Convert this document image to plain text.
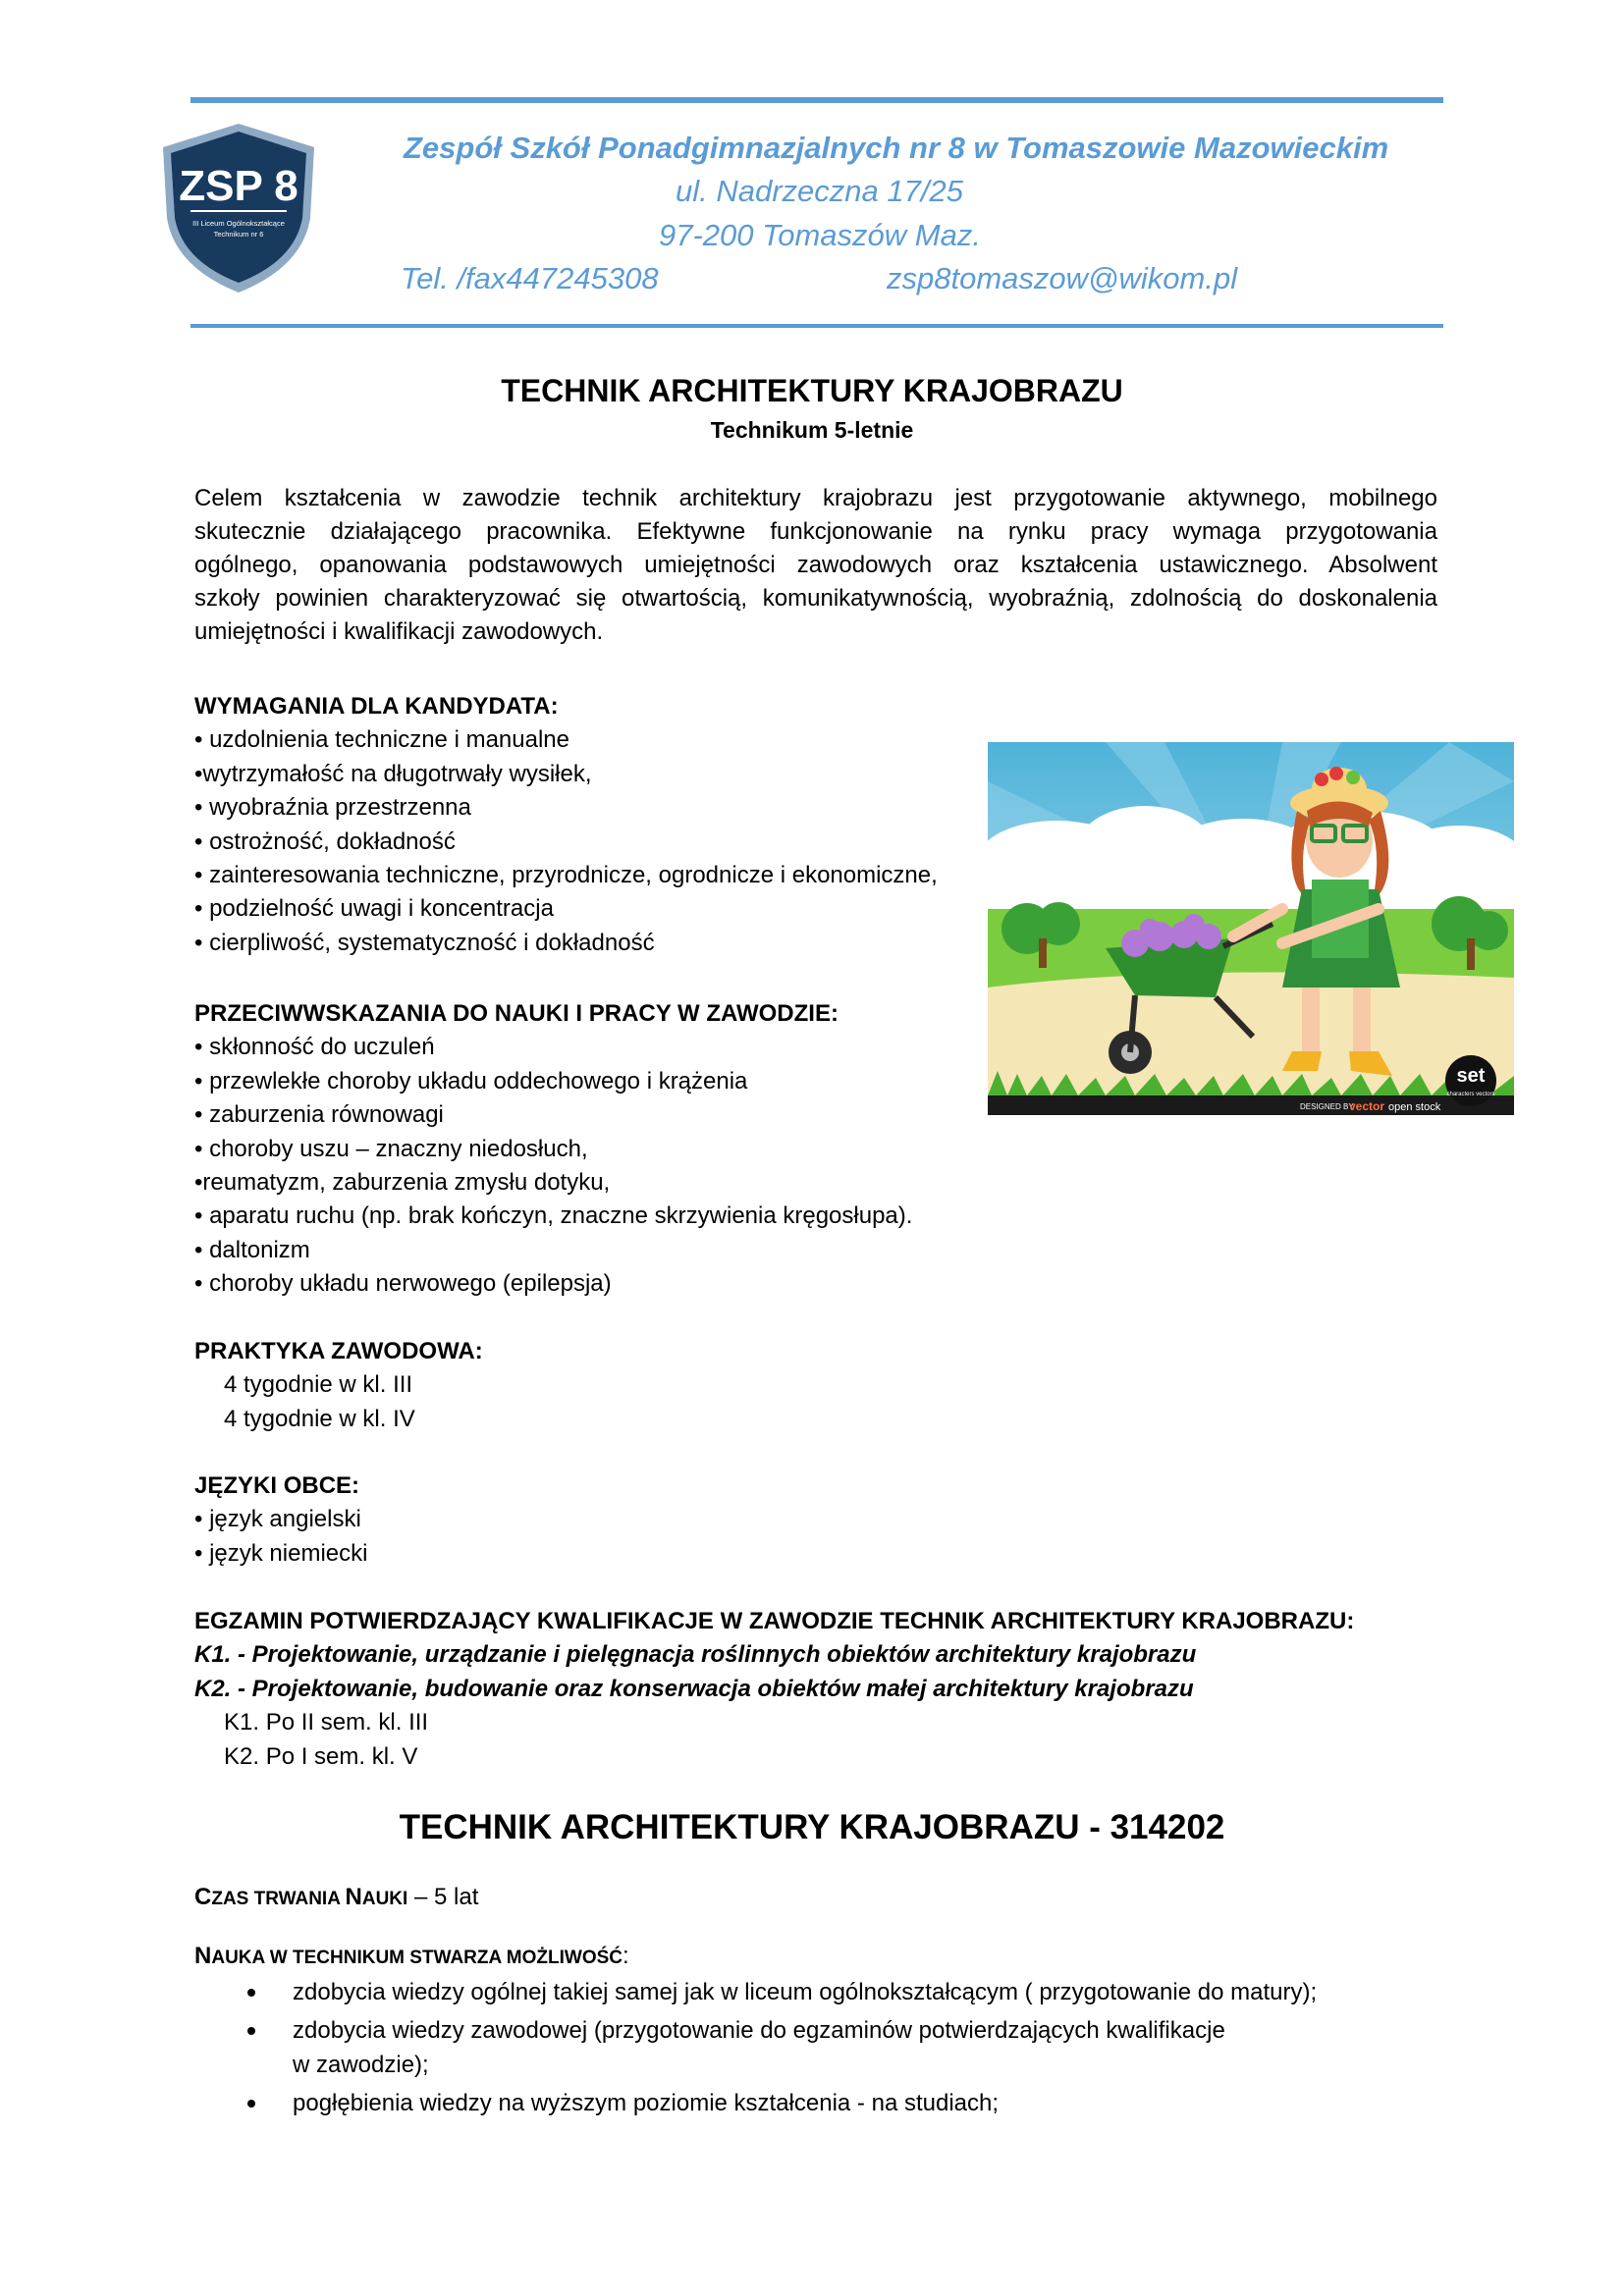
ZSP 8
III Liceum Ogólnokształcące
Technikum nr 6
Zespół Szkół Ponadgimnazjalnych nr 8 w Tomaszowie Mazowieckim
ul. Nadrzeczna 17/25
97-200 Tomaszów Maz.
Tel. /fax447245308	zsp8tomaszow@wikom.pl
TECHNIK ARCHITEKTURY KRAJOBRAZU
Technikum 5-letnie
Celem kształcenia w zawodzie technik architektury krajobrazu jest przygotowanie aktywnego, mobilnego
skutecznie działającego pracownika. Efektywne funkcjonowanie na rynku pracy wymaga przygotowania
ogólnego, opanowania podstawowych umiejętności zawodowych oraz kształcenia ustawicznego. Absolwent
szkoły powinien charakteryzować się otwartością, komunikatywnością, wyobraźnią, zdolnością do doskonalenia
umiejętności i kwalifikacji zawodowych.
WYMAGANIA DLA KANDYDATA:
• uzdolnienia techniczne i manualne
•wytrzymałość na długotrwały wysiłek,
• wyobraźnia przestrzenna
• ostrożność, dokładność
• zainteresowania techniczne, przyrodnicze, ogrodnicze i ekonomiczne,
• podzielność uwagi i koncentracja
• cierpliwość, systematyczność i dokładność
DESIGNED BY
vector open stock
set
characters vectors
PRZECIWWSKAZANIA DO NAUKI I PRACY W ZAWODZIE:
• skłonność do uczuleń
• przewlekłe choroby układu oddechowego i krążenia
• zaburzenia równowagi
• choroby uszu – znaczny niedosłuch,
•reumatyzm, zaburzenia zmysłu dotyku,
• aparatu ruchu (np. brak kończyn, znaczne skrzywienia kręgosłupa).
• daltonizm
• choroby układu nerwowego (epilepsja)
PRAKTYKA ZAWODOWA:
4 tygodnie w kl. III
4 tygodnie w kl. IV
JĘZYKI OBCE:
• język angielski
• język niemiecki
EGZAMIN POTWIERDZAJĄCY KWALIFIKACJE W ZAWODZIE TECHNIK ARCHITEKTURY KRAJOBRAZU:
K1. - Projektowanie, urządzanie i pielęgnacja roślinnych obiektów architektury krajobrazu
K2. - Projektowanie, budowanie oraz konserwacja obiektów małej architektury krajobrazu
K1. Po II sem. kl. III
K2. Po I sem. kl. V
TECHNIK ARCHITEKTURY KRAJOBRAZU - 314202
CZAS TRWANIA NAUKI – 5 lat
NAUKA W TECHNIKUM STWARZA MOŻLIWOŚĆ:
zdobycia wiedzy ogólnej takiej samej jak w liceum ogólnokształcącym ( przygotowanie do matury);
zdobycia wiedzy zawodowej (przygotowanie do egzaminów potwierdzających kwalifikacje
w zawodzie);
pogłębienia wiedzy na wyższym poziomie kształcenia - na studiach;
